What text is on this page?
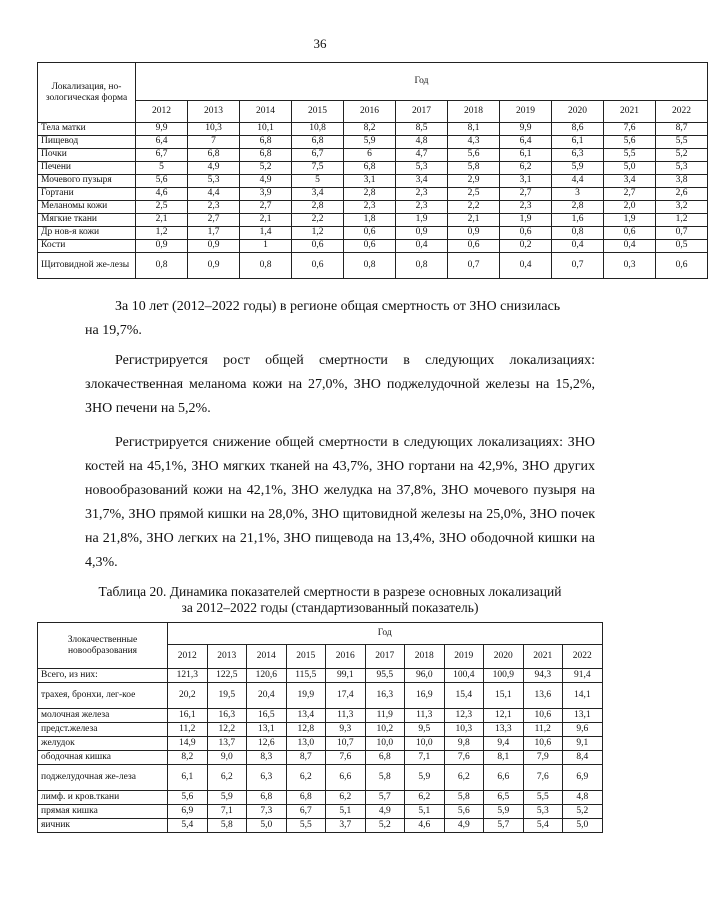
36
Локализация, но-зологическая форма	Год										
	2012	2013	2014	2015	2016	2017	2018	2019	2020	2021	2022
Тела матки	9,9	10,3	10,1	10,8	8,2	8,5	8,1	9,9	8,6	7,6	8,7
Пищевод	6,4	7	6,8	6,8	5,9	4,8	4,3	6,4	6,1	5,6	5,5
Почки	6,7	6,8	6,8	6,7	6	4,7	5,6	6,1	6,3	5,5	5,2
Печени	5	4,9	5,2	7,5	6,8	5,3	5,8	6,2	5,9	5,0	5,3
Мочевого пузыря	5,6	5,3	4,9	5	3,1	3,4	2,9	3,1	4,4	3,4	3,8
Гортани	4,6	4,4	3,9	3,4	2,8	2,3	2,5	2,7	3	2,7	2,6
Меланомы кожи	2,5	2,3	2,7	2,8	2,3	2,3	2,2	2,3	2,8	2,0	3,2
Мягкие ткани	2,1	2,7	2,1	2,2	1,8	1,9	2,1	1,9	1,6	1,9	1,2
Др нов-я кожи	1,2	1,7	1,4	1,2	0,6	0,9	0,9	0,6	0,8	0,6	0,7
Кости	0,9	0,9	1	0,6	0,6	0,4	0,6	0,2	0,4	0,4	0,5
Щитовидной же-лезы	0,8	0,9	0,8	0,6	0,8	0,8	0,7	0,4	0,7	0,3	0,6
За 10 лет (2012–2022 годы) в регионе общая смертность от ЗНО снизилась

на 19,7%.
Регистрируется рост общей смертности в следующих локализациях: злокачественная меланома кожи на 27,0%, ЗНО поджелудочной железы на 15,2%, ЗНО печени на 5,2%.
Регистрируется снижение общей смертности в следующих локализациях: ЗНО костей на 45,1%, ЗНО мягких тканей на 43,7%, ЗНО гортани на 42,9%, ЗНО других новообразований кожи на 42,1%, ЗНО желудка на 37,8%, ЗНО мочевого пузыря на 31,7%, ЗНО прямой кишки на 28,0%, ЗНО щитовидной железы на 25,0%, ЗНО почек на 21,8%, ЗНО легких на 21,1%, ЗНО пищевода на 13,4%, ЗНО ободочной кишки на 4,3%.
Таблица 20. Динамика показателей смертности в разрезе основных локализаций
за 2012–2022 годы (стандартизованный показатель)
Злокачественные новообразования	Год										
	2012	2013	2014	2015	2016	2017	2018	2019	2020	2021	2022
Всего, из них:	121,3	122,5	120,6	115,5	99,1	95,5	96,0	100,4	100,9	94,3	91,4
трахея, бронхи, лег-кое	20,2	19,5	20,4	19,9	17,4	16,3	16,9	15,4	15,1	13,6	14,1
молочная железа	16,1	16,3	16,5	13,4	11,3	11,9	11,3	12,3	12,1	10,6	13,1
предст.железа	11,2	12,2	13,1	12,8	9,3	10,2	9,5	10,3	13,3	11,2	9,6
желудок	14,9	13,7	12,6	13,0	10,7	10,0	10,0	9,8	9,4	10,6	9,1
ободочная кишка	8,2	9,0	8,3	8,7	7,6	6,8	7,1	7,6	8,1	7,9	8,4
поджелудочная же-леза	6,1	6,2	6,3	6,2	6,6	5,8	5,9	6,2	6,6	7,6	6,9
лимф. и кров.ткани	5,6	5,9	6,8	6,8	6,2	5,7	6,2	5,8	6,5	5,5	4,8
прямая кишка	6,9	7,1	7,3	6,7	5,1	4,9	5,1	5,6	5,9	5,3	5,2
яичник	5,4	5,8	5,0	5,5	3,7	5,2	4,6	4,9	5,7	5,4	5,0
